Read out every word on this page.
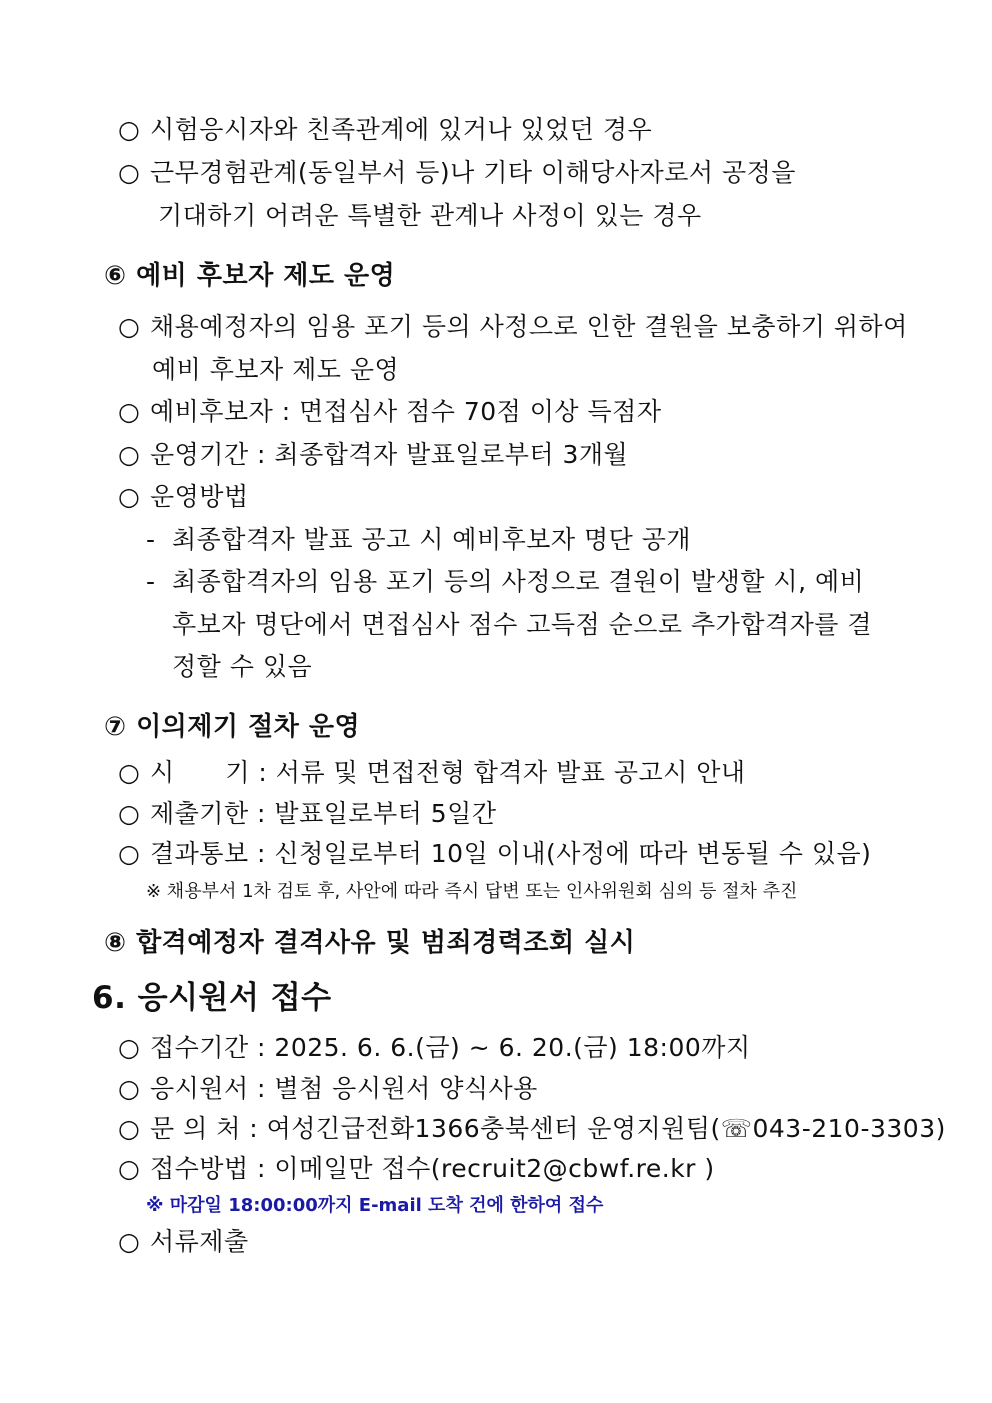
○ 시험응시자와 친족관계에 있거나 있었던 경우
○ 근무경험관계(동일부서 등)나 기타 이해당사자로서 공정을
기대하기 어려운 특별한 관계나 사정이 있는 경우
⑥ 예비 후보자 제도 운영
○ 채용예정자의 임용 포기 등의 사정으로 인한 결원을 보충하기 위하여
예비 후보자 제도 운영
○ 예비후보자 : 면접심사 점수 70점 이상 득점자
○ 운영기간 : 최종합격자 발표일로부터 3개월
○ 운영방법
- 최종합격자 발표 공고 시 예비후보자 명단 공개
- 최종합격자의 임용 포기 등의 사정으로 결원이 발생할 시, 예비
후보자 명단에서 면접심사 점수 고득점 순으로 추가합격자를 결
정할 수 있음
⑦ 이의제기 절차 운영
○ 시      기 : 서류 및 면접전형 합격자 발표 공고시 안내
○ 제출기한 : 발표일로부터 5일간
○ 결과통보 : 신청일로부터 10일 이내(사정에 따라 변동될 수 있음)
※ 채용부서 1차 검토 후, 사안에 따라 즉시 답변 또는 인사위원회 심의 등 절차 추진
⑧ 합격예정자 결격사유 및 범죄경력조회 실시
6. 응시원서 접수
○ 접수기간 : 2025. 6. 6.(금) ~ 6. 20.(금) 18:00까지
○ 응시원서 : 별첨 응시원서 양식사용
○ 문 의 처 : 여성긴급전화1366충북센터 운영지원팀(☏043-210-3303)
○ 접수방법 : 이메일만 접수(recruit2@cbwf.re.kr )
※ 마감일 18:00:00까지 E-mail 도착 건에 한하여 접수
○ 서류제출
